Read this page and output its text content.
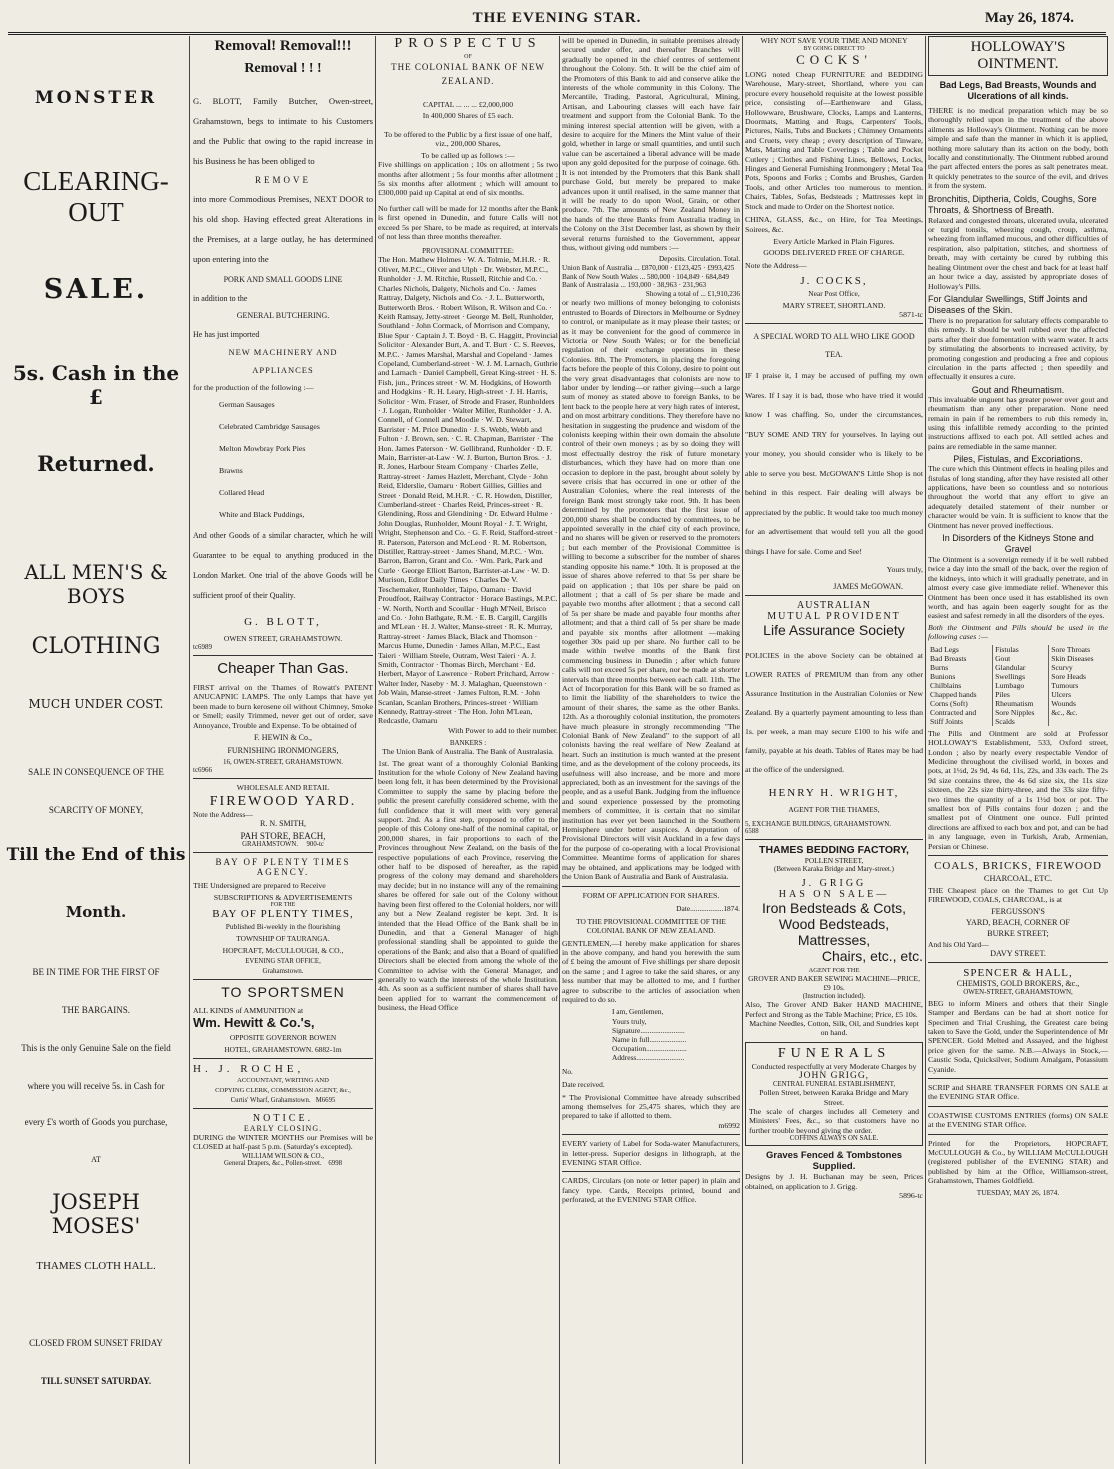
THE EVENING STAR.	May 26, 1874.

MONSTER

CLEARING-OUT

SALE.

5s. Cash in the £

Returned.

ALL MEN'S & BOYS

CLOTHING

MUCH UNDER COST.

SALE IN CONSEQUENCE OF THE

SCARCITY OF MONEY,

Till the End of this

Month.

BE IN TIME FOR THE FIRST OF

THE BARGAINS.

This is the only Genuine Sale on the field

where you will receive 5s. in Cash for

every £'s worth of Goods you purchase,

AT

JOSEPH MOSES'

THAMES CLOTH HALL.

CLOSED FROM SUNSET FRIDAY

TILL SUNSET SATURDAY.

Removal! Removal!!!

Removal ! ! !

G. BLOTT, Family Butcher, Owen-street, Grahamstown, begs to intimate to his Customers and the Public that owing to the rapid increase in his Business he has been obliged to

REMOVE

into more Commodious Premises, NEXT DOOR to his old shop. Having effected great Alterations in the Premises, at a large outlay, he has determined upon entering into the

PORK AND SMALL GOODS LINE

in addition to the

GENERAL BUTCHERING.

He has just imported

NEW MACHINERY AND

APPLIANCES

for the production of the following :—

German Sausages

Celebrated Cambridge Sausages

Melton Mowbray Pork Pies

Brawns

Collared Head

White and Black Puddings,

And other Goods of a similar character, which he will Guarantee to be equal to anything produced in the London Market. One trial of the above Goods will be sufficient proof of their Quality.

G. BLOTT,

OWEN STREET, GRAHAMSTOWN.

tc6989

Cheaper Than Gas.

FIRST arrival on the Thames of Rowatt's PATENT ANUCAPNIC LAMPS. The only Lamps that have yet been made to burn kerosene oil without Chimney, Smoke or Smell; easily Trimmed, never get out of order, save Annoyance, Trouble and Expense. To be obtained of

F. HEWIN & Co.,

FURNISHING IRONMONGERS,

16, OWEN-STREET, GRAHAMSTOWN.

tc6966

WHOLESALE AND RETAIL

FIREWOOD YARD.

Note the Address—

R. N. SMITH,

PAH STORE, BEACH,

GRAHAMSTOWN. 900-tc

BAY OF PLENTY TIMES

AGENCY.

THE Undersigned are prepared to Receive

SUBSCRIPTIONS & ADVERTISEMENTS

FOR THE

BAY OF PLENTY TIMES,

Published Bi-weekly in the flourishing

TOWNSHIP OF TAURANGA.

HOPCRAFT, McCULLOUGH, & CO.,

EVENING STAR OFFICE,

Grahamstown.

TO SPORTSMEN

ALL KINDS of AMMUNITION at

Wm. Hewitt & Co.'s,

OPPOSITE GOVERNOR BOWEN

HOTEL, GRAHAMSTOWN. 6882-1m

H. J. ROCHE,

ACCOUNTANT, WRITING AND

COPYING CLERK, COMMISSION AGENT, &c.,

Curtis' Wharf, Grahamstown. M6695

NOTICE.

EARLY CLOSING.

DURING the WINTER MONTHS our Premises will be CLOSED at half-past 5 p.m. (Saturday's excepted).

WILLIAM WILSON & CO.,

General Drapers, &c., Pollen-street. 6998

PROSPECTUS

OF

THE COLONIAL BANK OF NEW ZEALAND.

CAPITAL ... ... ... £2,000,000

In 400,000 Shares of £5 each.

To be offered to the Public by a first issue of one half, viz., 200,000 Shares,

To be called up as follows :—

Five shillings on application ; 10s on allotment ; 5s two months after allotment ; 5s four months after allotment ; 5s six months after allotment ; which will amount to £300,000 paid up Capital at end of six months.

No further call will be made for 12 months after the Bank is first opened in Dunedin, and future Calls will not exceed 5s per Share, to be made as required, at intervals of not less than three months thereafter.

PROVISIONAL COMMITTEE:

The Hon. Mathew Holmes · W. A. Tolmie, M.H.R. · R. Oliver, M.P.C., Oliver and Ulph · Dr. Webster, M.P.C., Runholder · J. M. Ritchie, Russell, Ritchie and Co. · Charles Nichols, Dalgety, Nichols and Co. · James Rattray, Dalgety, Nichols and Co. · J. L. Butterworth, Butterworth Bros. · Robert Wilson, R. Wilson and Co. · Keith Ramsay, Jetty-street · George M. Bell, Runholder, Southland · John Cormack, of Morrison and Company, Blue Spur · Captain J. T. Boyd · B. C. Haggitt, Provincial Solicitor · Alexander Burt, A. and T. Burt · C. S. Reeves, M.P.C. · James Marshal, Marshal and Copeland · James Copeland, Cumberland-street · W. J. M. Larnach, Guthrie and Larnach · Daniel Campbell, Great King-street · H. S. Fish, jun., Princes street · W. M. Hodgkins, of Howorth and Hodgkins · R. H. Leary, High-street · J. H. Harris, Solicitor · Wm. Fraser, of Strode and Fraser, Runholders · J. Logan, Runholder · Walter Miller, Runholder · J. A. Connell, of Connell and Moodie · W. D. Stewart, Barrister · M. Price Dunedin · J. S. Webb, Webb and Fulton · J. Brown, sen. · C. R. Chapman, Barrister · The Hon. James Paterson · W. Gellibrand, Runholder · D. F. Main, Barrister-at-Law · W. J. Burton, Burton Bros. · J. R. Jones, Harbour Steam Company · Charles Zelle, Rattray-street · James Hazlett, Merchant, Clyde · John Reid, Elderslie, Oamaru · Robert Gillies, Gillies and Street · Donald Reid, M.H.R. · C. R. Howden, Distiller, Cumberland-street · Charles Reid, Princes-street · R. Glendining, Ross and Glendining · Dr. Edward Hulme · John Douglas, Runholder, Mount Royal · J. T. Wright, Wright, Stephenson and Co. · G. F. Reid, Stafford-street · R. Paterson, Paterson and McLeod · R. M. Robertson, Distiller, Rattray-street · James Shand, M.P.C. · Wm. Barron, Barron, Grant and Co. · Wm. Park, Park and Curle · George Elliott Barton, Barrister-at-Law · W. D. Murison, Editor Daily Times · Charles De V. Teschemaker, Runholder, Taipo, Oamaru · David Proudfoot, Railway Contractor · Horace Bastings, M.P.C. · W. North, North and Scoullar · Hugh M'Neil, Brisco and Co. · John Bathgate, R.M. · E. B. Cargill, Cargills and M'Lean · H. J. Walter, Manse-street · R. K. Murray, Rattray-street · James Black, Black and Thomson · Marcus Hume, Dunedin · James Allan, M.P.C., East Taieri · William Steele, Outram, West Taieri · A. J. Smith, Contractor · Thomas Birch, Merchant · Ed. Herbert, Mayor of Lawrence · Robert Pritchard, Arrow · Walter Inder, Naseby · M. J. Malaghan, Queenstown · Job Wain, Manse-street · James Fulton, R.M. · John Scanlan, Scanlan Brothers, Princes-street · William Kennedy, Rattray-street · The Hon. John M'Lean, Redcastle, Oamaru

With Power to add to their number.

BANKERS :

The Union Bank of Australia. The Bank of Australasia.

1st. The great want of a thoroughly Colonial Banking Institution for the whole Colony of New Zealand having been long felt, it has been determined by the Provisional Committee to supply the same by placing before the public the present carefully considered scheme, with the full confidence that it will meet with very general support. 2nd. As a first step, proposed to offer to the people of this Colony one-half of the nominal capital, or 200,000 shares, in fair proportions to each of the Provinces throughout New Zealand, on the basis of the respective populations of each Province, reserving the other half to be disposed of hereafter, as the rapid progress of the colony may demand and shareholders may decide; but in no instance will any of the remaining shares be offered for sale out of the Colony without having been first offered to the Colonial holders, nor will any but a New Zealand register be kept. 3rd. It is intended that the Head Office of the Bank shall be in Dunedin, and that a General Manager of high professional standing shall be appointed to guide the operations of the Bank; and also that a Board of qualified Directors shall be elected from among the whole of the Committee to advise with the General Manager, and generally to watch the interests of the whole Institution. 4th. As soon as a sufficient number of shares shall have been applied for to warrant the commencement of business, the Head Office

will be opened in Dunedin, in suitable premises already secured under offer, and thereafter Branches will gradually be opened in the chief centres of settlement throughout the Colony. 5th. It will be the chief aim of the Promoters of this Bank to aid and conserve alike the interests of the whole community in this Colony. The Mercantile, Trading, Pastoral, Agricultural, Mining, Artisan, and Labouring classes will each have fair treatment and support from the Colonial Bank. To the mining interest special attention will be given, with a desire to acquire for the Miners the Mint value of their gold, whether in large or small quantities, and until such value can be ascertained a liberal advance will be made upon any gold deposited for the purpose of coinage. 6th. It is not intended by the Promoters that this Bank shall purchase Gold, but merely be prepared to make advances upon it until realised, in the same manner that it will be ready to do upon Wool, Grain, or other produce. 7th. The amounts of New Zealand Money in the hands of the three Banks from Australia trading in the Colony on the 31st December last, as shown by their several returns furnished to the Government, appear thus, without giving odd numbers :—

Deposits. Circulation. Total.

Union Bank of Australia ... £870,000 · £123,425 · £993,425

Bank of New South Wales ... 580,000 · 104,849 · 684,849

Bank of Australasia ... 193,000 · 38,963 · 231,963

Showing a total of ... £1,910,236

or nearly two millions of money belonging to colonists entrusted to Boards of Directors in Melbourne or Sydney to control, or manipulate as it may please their tastes; or as it may be convenient for the good of commerce in Victoria or New South Wales; or for the beneficial regulation of their exchange operations in these Colonies. 8th. The Promoters, in placing the foregoing facts before the people of this Colony, desire to point out the very great disadvantages that colonists are now to labor under by lending—or rather giving—such a large sum of money as stated above to foreign Banks, to be lent back to the people here at very high rates of interest, and on most arbitrary conditions. They therefore have no hesitation in suggesting the prudence and wisdom of the colonists keeping within their own domain the absolute control of their own moneys ; as by so doing they will most effectually destroy the risk of future monetary disturbances, which they have had on more than one occasion to deplore in the past, brought about solely by severe crisis that has occurred in one or other of the Australian Colonies, where the real interests of the foreign Bank most strongly take root. 9th. It has been determined by the promoters that the first issue of 200,000 shares shall be conducted by committees, to be appointed severally in the chief city of each province, and no shares will be given or reserved to the promoters ; but each member of the Provisional Committee is willing to become a subscriber for the number of shares standing opposite his name.* 10th. It is proposed at the issue of shares above referred to that 5s per share be paid on application ; that 10s per share be paid on allotment ; that a call of 5s per share be made and payable two months after allotment ; that a second call of 5s per share be made and payable four months after allotment; and that a third call of 5s per share be made and payable six months after allotment —making together 30s paid up per share. No further call to be made within twelve months of the Bank first commencing business in Dunedin ; after which future calls will not exceed 5s per share, nor be made at shorter intervals than three months between each call. 11th. The Act of Incorporation for this Bank will be so framed as to limit the liability of the shareholders to twice the amount of their shares, the same as the other Banks. 12th. As a thoroughly colonial institution, the promoters have much pleasure in strongly recommending "The Colonial Bank of New Zealand" to the support of all colonists having the real welfare of New Zealand at heart. Such an institution is much wanted at the present time, and as the development of the colony proceeds, its usefulness will also increase, and be more and more appreciated, both as an investment for the savings of the people, and as a useful Bank. Judging from the influence and sound experience possessed by the promoting members of committee, it is certain that no similar institution has ever yet been launched in the Southern Hemisphere under better auspices. A deputation of Provisional Directors will visit Auckland in a few days for the purpose of co-operating with a local Provisional Committee. Meantime forms of application for shares may be obtained, and applications may be lodged with the Union Bank of Australia and Bank of Australasia.

FORM OF APPLICATION FOR SHARES.

Date..................1874.

TO THE PROVISIONAL COMMITTEE OF THE COLONIAL BANK OF NEW ZEALAND.

GENTLEMEN,—I hereby make application for shares in the above company, and hand you herewith the sum of £ being the amount of Five shillings per share deposit on the same ; and I agree to take the said shares, or any less number that may be allotted to me, and I further agree to subscribe to the articles of association when required to do so.

I am, Gentlemen,

Yours truly,

Signature........................

Name in full....................

Occupation......................

Address..........................

No.

Date received.

* The Provisional Committee have already subscribed among themselves for 25,475 shares, which they are prepared to take if allotted to them.

m6992

EVERY variety of Label for Soda-water Manufacturers, in letter-press. Superior designs in lithograph, at the EVENING STAR Office.

CARDS, Circulars (on note or letter paper) in plain and fancy type. Cards, Receipts printed, bound and perforated, at the EVENING STAR Office.

WHY NOT SAVE YOUR TIME AND MONEY

BY GOING DIRECT TO

COCKS'

LONG noted Cheap FURNITURE and BEDDING Warehouse, Mary-street, Shortland, where you can procure every household requisite at the lowest possible price, consisting of—Earthenware and Glass, Hollowware, Brushware, Clocks, Lamps and Lanterns, Doormats, Matting and Rugs, Carpenters' Tools, Pictures, Nails, Tubs and Buckets ; Chimney Ornaments and Cruets, very cheap ; every description of Tinware, Mats, Matting and Table Coverings ; Table and Pocket Cutlery ; Clothes and Fishing Lines, Bellows, Locks, Hinges and General Furnishing Ironmongery ; Metal Tea Pots, Spoons and Forks ; Combs and Brushes, Garden Tools, and other Articles too numerous to mention. Chairs, Tables, Sofas, Bedsteads ; Mattresses kept in Stock and made to Order on the Shortest notice.

CHINA, GLASS, &c., on Hire, for Tea Meetings, Soirees, &c.

Every Article Marked in Plain Figures.

GOODS DELIVERED FREE OF CHARGE.

Note the Address—

J. COCKS,

Near Post Office,

MARY STREET, SHORTLAND.

5871-tc

A SPECIAL WORD TO ALL WHO LIKE GOOD TEA.

IF I praise it, I may be accused of puffing my own Wares. If I say it is bad, those who have tried it would know I was chaffing. So, under the circumstances, "BUY SOME AND TRY for yourselves. In laying out your money, you should consider who is likely to be able to serve you best. McGOWAN'S Little Shop is not behind in this respect. Fair dealing will always be appreciated by the public. It would take too much money for an advertisement that would tell you all the good things I have for sale. Come and See!

Yours truly,

JAMES McGOWAN.

AUSTRALIAN

MUTUAL PROVIDENT

Life Assurance Society

POLICIES in the above Society can be obtained at LOWER RATES of PREMIUM than from any other Assurance Institution in the Australian Colonies or New Zealand. By a quarterly payment amounting to less than 1s. per week, a man may secure £100 to his wife and family, payable at his death. Tables of Rates may be had at the office of the undersigned.

HENRY H. WRIGHT,

AGENT FOR THE THAMES,

5, EXCHANGE BUILDINGS, GRAHAMSTOWN.

6588

THAMES BEDDING FACTORY,

POLLEN STREET,

(Between Karaka Bridge and Mary-street.)

J. GRIGG

HAS ON SALE—

Iron Bedsteads & Cots,

Wood Bedsteads,

Mattresses,

Chairs, etc., etc.

AGENT FOR THE

GROVER AND BAKER SEWING MACHINE—PRICE, £9 10s.

(Instruction included).

Also, The Grover AND Baker HAND MACHINE, Perfect and Strong as the Table Machine; Price, £5 10s.

Machine Needles, Cotton, Silk, Oil, and Sundries kept on hand.

FUNERALS

Conducted respectfully at very Moderate Charges by

JOHN GRIGG,

CENTRAL FUNERAL ESTABLISHMENT,

Pollen Street, between Karaka Bridge and Mary Street.

The scale of charges includes all Cemetery and Ministers' Fees, &c., so that customers have no further trouble beyond giving the order.

COFFINS ALWAYS ON SALE.

Graves Fenced & Tombstones Supplied.

Designs by J. H. Buchanan may be seen, Prices obtained, on application to J. Grigg.

5896-tc

HOLLOWAY'S OINTMENT.

Bad Legs, Bad Breasts, Wounds and Ulcerations of all kinds.

THERE is no medical preparation which may be so thoroughly relied upon in the treatment of the above ailments as Holloway's Ointment. Nothing can be more simple and safe than the manner in which it is applied, nothing more salutary than its action on the body, both locally and constitutionally. The Ointment rubbed around the part affected enters the pores as salt penetrates meat. It quickly penetrates to the source of the evil, and drives it from the system.

Bronchitis, Diptheria, Colds, Coughs, Sore Throats, & Shortness of Breath.

Relaxed and congested throats, ulcerated uvula, ulcerated or turgid tonsils, wheezing cough, croup, asthma, wheezing from inflamed mucous, and other difficulties of respiration, also palpitation, stitches, and shortness of breath, may with certainty be cured by rubbing this healing Ointment over the chest and back for at least half an hour twice a day, assisted by appropriate doses of Holloway's Pills.

For Glandular Swellings, Stiff Joints and Diseases of the Skin.

There is no preparation for salutary effects comparable to this remedy. It should be well rubbed over the affected parts after their due fomentation with warm water. It acts by stimulating the absorbents to increased activity, by promoting congestion and producing a free and copious circulation in the parts affected ; then speedily and effectually it ensures a cure.

Gout and Rheumatism.

This invaluable unguent has greater power over gout and rheumatism than any other preparation. None need remain in pain if he remembers to rub this remedy in, using this infallible remedy according to the printed instructions affixed to each pot. All settled aches and pains are remediable in the same manner.

Piles, Fistulas, and Excoriations.

The cure which this Ointment effects in healing piles and fistulas of long standing, after they have resisted all other applications, have been so countless and so notorious throughout the world that any effort to give an adequately detailed statement of their number or character would be vain. It is sufficient to know that the Ointment has never proved ineffectious.

In Disorders of the Kidneys Stone and Gravel

The Ointment is a sovereign remedy if it be well rubbed twice a day into the small of the back, over the region of the kidneys, into which it will gradually penetrate, and in almost every case give immediate relief. Whenever this Ointment has been once used it has established its own worth, and has again been eagerly sought for as the easiest and safest remedy in all the disorders of the eyes.

Both the Ointment and Pills should be used in the following cases :—

Bad Legs	Fistulas	Sore Throats
Bad Breasts	Gout	Skin Diseases
Burns	Glandular	Scurvy
Bunions	Swellings	Sore Heads
Chilblains	Lumbago	Tumours
Chapped hands	Piles	Ulcers
Corns (Soft)	Rheumatism	Wounds
Contracted and	Sore Nipples	&c., &c.
Stiff Joints	Scalds	

The Pills and Ointment are sold at Professor HOLLOWAY'S Establishment, 533, Oxford street, London ; also by nearly every respectable Vendor of Medicine throughout the civilised world, in boxes and pots, at 1½d, 2s 9d, 4s 6d, 11s, 22s, and 33s each. The 2s 9d size contains three, the 4s 6d size six, the 11s size sixteen, the 22s size thirty-three, and the 33s size fifty-two times the quantity of a 1s 1½d box or pot. The smallest box of Pills contains four dozen ; and the smallest pot of Ointment one ounce. Full printed directions are affixed to each box and pot, and can be had in any language, even in Turkish, Arab, Armenian, Persian or Chinese.

COALS, BRICKS, FIREWOOD

CHARCOAL, ETC.

THE Cheapest place on the Thames to get Cut Up FIREWOOD, COALS, CHARCOAL, is at

FERGUSSON'S

YARD, BEACH, CORNER OF

BURKE STREET;

And his Old Yard—

DAVY STREET.

SPENCER & HALL,

CHEMISTS, GOLD BROKERS, &c.,

OWEN-STREET, GRAHAMSTOWN,

BEG to inform Miners and others that their Single Stamper and Berdans can be had at short notice for Specimen and Trial Crushing, the Greatest care being taken to Save the Gold, under the Superintendence of Mr SPENCER. Gold Melted and Assayed, and the highest price given for the same. N.B.—Always in Stock,—Caustic Soda, Quicksilver, Sodium Amalgam, Potassium Cyanide.

SCRIP and SHARE TRANSFER FORMS ON SALE at the EVENING STAR Office.

COASTWISE CUSTOMS ENTRIES (forms) ON SALE at the EVENING STAR Office.

Printed for the Proprietors, HOPCRAFT, McCULLOUGH & Co., by WILLIAM McCULLOUGH (registered publisher of the EVENING STAR) and published by him at the Office, Williamson-street, Grahamstown, Thames Goldfield.

TUESDAY, MAY 26, 1874.
